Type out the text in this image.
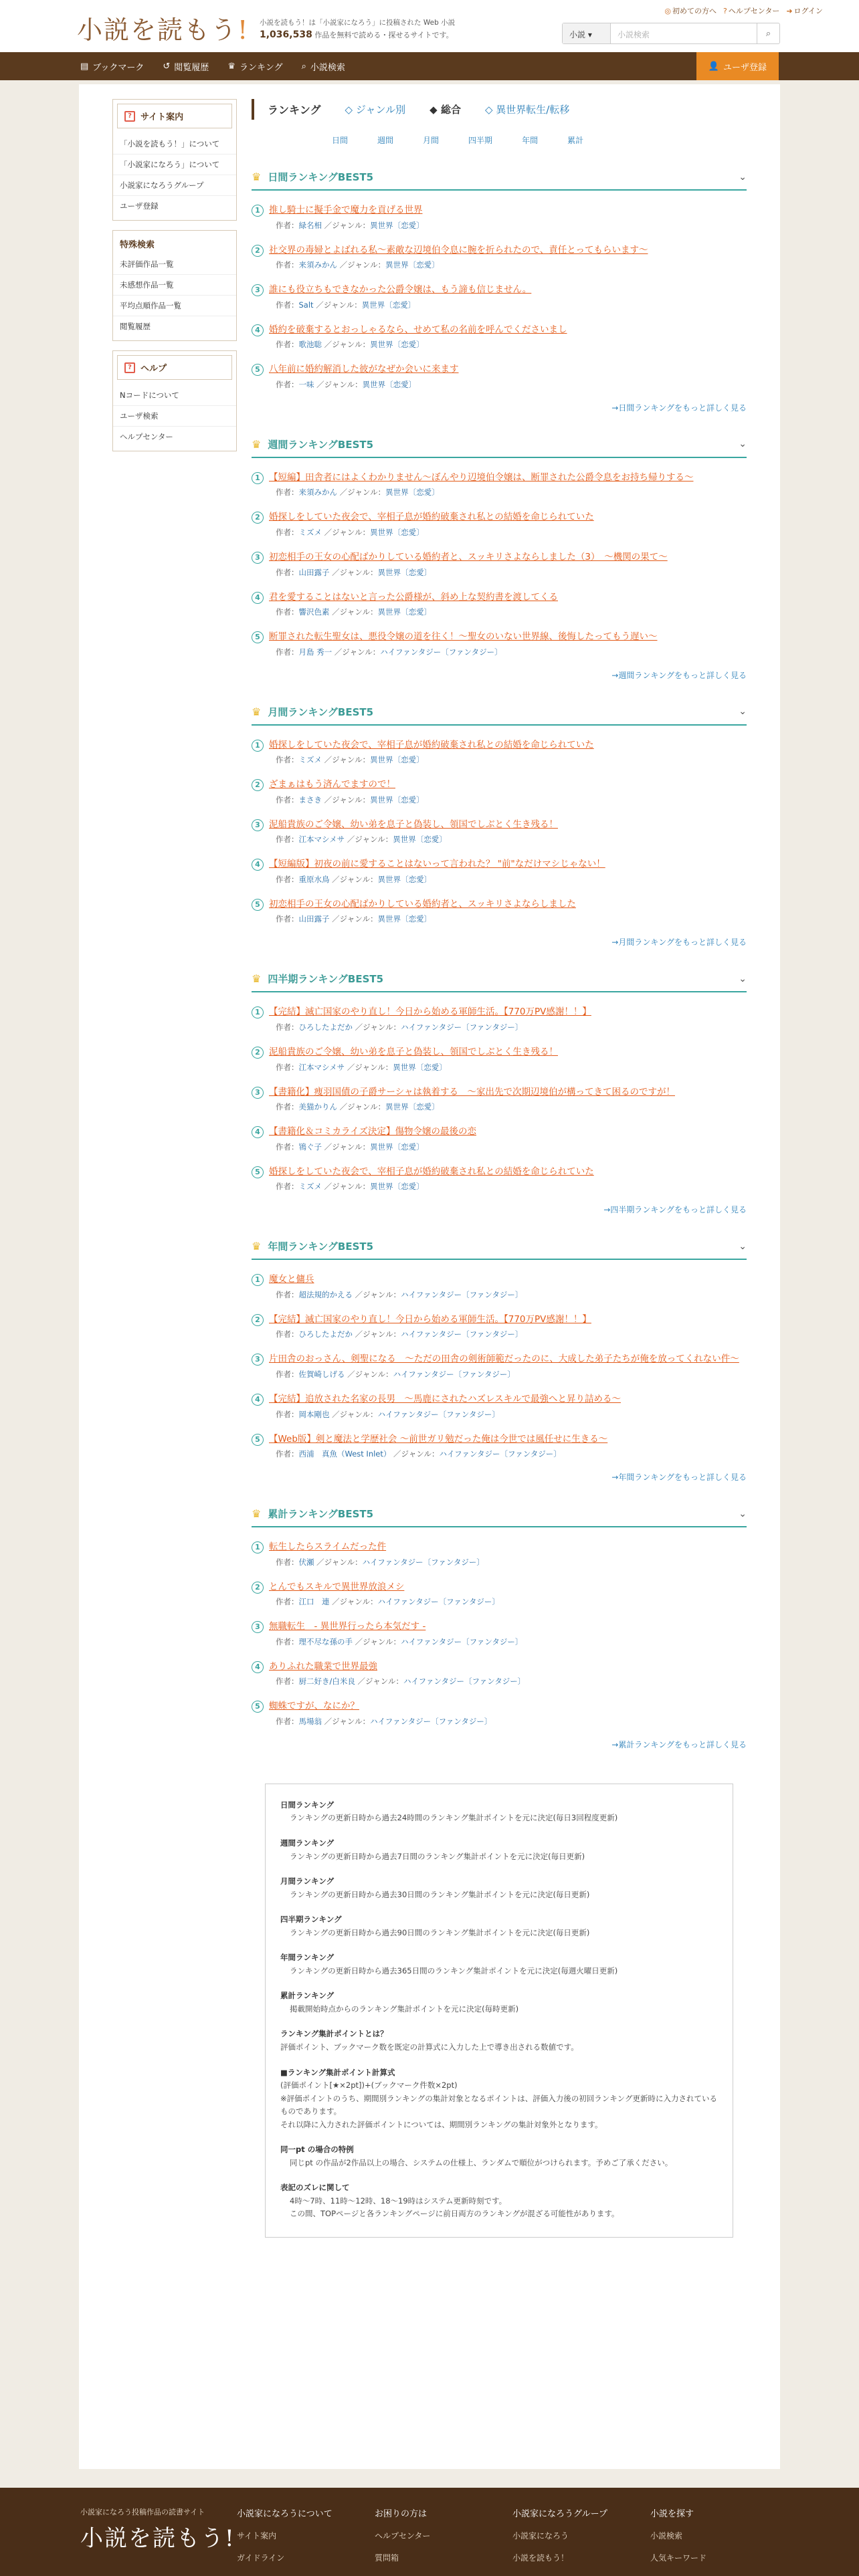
小説を読もう! 小説を読もう！は「小説家になろう」に投稿された Web 小説
1,036,538 作品を無料で読める・探せるサイトです。
◎ 初めての方へ ? ヘルプセンター ➜ ログイン
小説 ▾	小説検索	⌕
▤ ブックマーク ↺ 閲覧履歴 ♛ ランキング ⌕ 小説検索	👤 ユーザ登録
?	サイト案内
「小説を読もう！」について
「小説家になろう」について
小説家になろうグループ
ユーザ登録
特殊検索
未評価作品一覧
未感想作品一覧
平均点順作品一覧
閲覧履歴
?	ヘルプ
Nコードについて
ユーザ検索
ヘルプセンター
ランキング ◇ ジャンル別 ◆ 総合 ◇ 異世界転生/転移
日間	週間	月間	四半期	年間	累計
♛ 日間ランキングBEST5	⌄
1 推し騎士に擬手金で魔力を貢げる世界
作者：緑名相 ／ジャンル：異世界〔恋愛〕
2 社交界の毒婦とよばれる私～素敵な辺境伯令息に腕を折られたので、責任とってもらいます～
作者：来須みかん ／ジャンル：異世界〔恋愛〕
3 誰にも役立ちもできなかった公爵令嬢は、もう諦も信じません。
作者：Salt ／ジャンル：異世界〔恋愛〕
4 婚約を破棄するとおっしゃるなら、せめて私の名前を呼んでくださいまし
作者：歌池聡 ／ジャンル：異世界〔恋愛〕
5 八年前に婚約解消した彼がなぜか会いに来ます
作者：一味 ／ジャンル：異世界〔恋愛〕
→日間ランキングをもっと詳しく見る
♛ 週間ランキングBEST5	⌄
1 【短編】田舎者にはよくわかりません～ぼんやり辺境伯令嬢は、断罪された公爵令息をお持ち帰りする～
作者：来須みかん ／ジャンル：異世界〔恋愛〕
2 婚探しをしていた夜会で、宰相子息が婚約破棄され私との結婚を命じられていた
作者：ミズメ ／ジャンル：異世界〔恋愛〕
3 初恋相手の王女の心配ばかりしている婚約者と、スッキリさよならしました（3）　～機関の果て～
作者：山田露子 ／ジャンル：異世界〔恋愛〕
4 君を愛することはないと言った公爵様が、斜め上な契約書を渡してくる
作者：響沢色素 ／ジャンル：異世界〔恋愛〕
5 断罪された転生聖女は、悪役令嬢の道を往く！～聖女のいない世界線、後悔したってもう遅い～
作者：月島 秀一 ／ジャンル：ハイファンタジー〔ファンタジー〕
→週間ランキングをもっと詳しく見る
♛ 月間ランキングBEST5	⌄
1 婚探しをしていた夜会で、宰相子息が婚約破棄され私との結婚を命じられていた
作者：ミズメ ／ジャンル：異世界〔恋愛〕
2 ざまぁはもう済んでますので！
作者：まさき ／ジャンル：異世界〔恋愛〕
3 泥船貴族のご令嬢、幼い弟を息子と偽装し、領国でしぶとく生き残る！
作者：江本マシメサ ／ジャンル：異世界〔恋愛〕
4 【短編版】初夜の前に愛することはないって言われた？ "前"なだけマシじゃない！
作者：重原水鳥 ／ジャンル：異世界〔恋愛〕
5 初恋相手の王女の心配ばかりしている婚約者と、スッキリさよならしました
作者：山田露子 ／ジャンル：異世界〔恋愛〕
→月間ランキングをもっと詳しく見る
♛ 四半期ランキングBEST5	⌄
1 【完結】滅亡国家のやり直し！今日から始める軍師生活。【770万PV感謝！！】
作者：ひろしたよだか ／ジャンル：ハイファンタジー〔ファンタジー〕
2 泥船貴族のご令嬢、幼い弟を息子と偽装し、領国でしぶとく生き残る！
作者：江本マシメサ ／ジャンル：異世界〔恋愛〕
3 【書籍化】痩羽国債の子爵サーシャは執着する　～家出先で次期辺境伯が構ってきて困るのですが！
作者：美猫かりん ／ジャンル：異世界〔恋愛〕
4 【書籍化＆コミカライズ決定】傷物令嬢の最後の恋
作者：鴇ぐ子 ／ジャンル：異世界〔恋愛〕
5 婚探しをしていた夜会で、宰相子息が婚約破棄され私との結婚を命じられていた
作者：ミズメ ／ジャンル：異世界〔恋愛〕
→四半期ランキングをもっと詳しく見る
♛ 年間ランキングBEST5	⌄
1 魔女と傭兵
作者：超法規的かえる ／ジャンル：ハイファンタジー〔ファンタジー〕
2 【完結】滅亡国家のやり直し！今日から始める軍師生活。【770万PV感謝！！】
作者：ひろしたよだか ／ジャンル：ハイファンタジー〔ファンタジー〕
3 片田舎のおっさん、剣聖になる　～ただの田舎の剣術師範だったのに、大成した弟子たちが俺を放ってくれない件～
作者：佐賀崎しげる ／ジャンル：ハイファンタジー〔ファンタジー〕
4 【完結】追放された名家の長男　～馬鹿にされたハズレスキルで最強へと昇り詰める～
作者：岡本剛也 ／ジャンル：ハイファンタジー〔ファンタジー〕
5 【Web版】剣と魔法と学歴社会 ～前世ガリ勉だった俺は今世では風任せに生きる～
作者：西浦　真魚（West Inlet） ／ジャンル：ハイファンタジー〔ファンタジー〕
→年間ランキングをもっと詳しく見る
♛ 累計ランキングBEST5	⌄
1 転生したらスライムだった件
作者：伏瀬 ／ジャンル：ハイファンタジー〔ファンタジー〕
2 とんでもスキルで異世界放浪メシ
作者：江口　連 ／ジャンル：ハイファンタジー〔ファンタジー〕
3 無職転生　- 異世界行ったら本気だす -
作者：理不尽な孫の手 ／ジャンル：ハイファンタジー〔ファンタジー〕
4 ありふれた職業で世界最強
作者：厨二好き/白米良 ／ジャンル：ハイファンタジー〔ファンタジー〕
5 蜘蛛ですが、なにか？
作者：馬場翁 ／ジャンル：ハイファンタジー〔ファンタジー〕
→累計ランキングをもっと詳しく見る
日間ランキング
ランキングの更新日時から過去24時間のランキング集計ポイントを元に決定(毎日3回程度更新)
週間ランキング
ランキングの更新日時から過去7日間のランキング集計ポイントを元に決定(毎日更新)
月間ランキング
ランキングの更新日時から過去30日間のランキング集計ポイントを元に決定(毎日更新)
四半期ランキング
ランキングの更新日時から過去90日間のランキング集計ポイントを元に決定(毎日更新)
年間ランキング
ランキングの更新日時から過去365日間のランキング集計ポイントを元に決定(毎週火曜日更新)
累計ランキング
掲載開始時点からのランキング集計ポイントを元に決定(毎時更新)
ランキング集計ポイントとは？
評価ポイント、ブックマーク数を既定の計算式に入力した上で導き出される数値です。
■ランキング集計ポイント計算式
(評価ポイント[★×2pt])+(ブックマーク件数×2pt)
※評価ポイントのうち、期間別ランキングの集計対象となるポイントは、評価入力後の初回ランキング更新時に入力されているものであります。
それ以降に入力された評価ポイントについては、期間別ランキングの集計対象外となります。
同一pt の場合の特例
同じpt の作品が2作品以上の場合、システムの仕様上、ランダムで順位がつけられます。予めご了承ください。
表記のズレに関して
4時〜7時、11時〜12時、18〜19時はシステム更新時刻です。
この間、TOPページと各ランキングページに前日両方のランキングが混ざる可能性があります。
小説家になろう投稿作品の読書サイト
小説を読もう!
小説家になろうについて
サイト案内
ガイドライン
お困りの方は
ヘルプセンター
質問箱
小説家になろうグループ
小説家になろう
小説を読もう！
小説を探す
小説検索
人気キーワード
